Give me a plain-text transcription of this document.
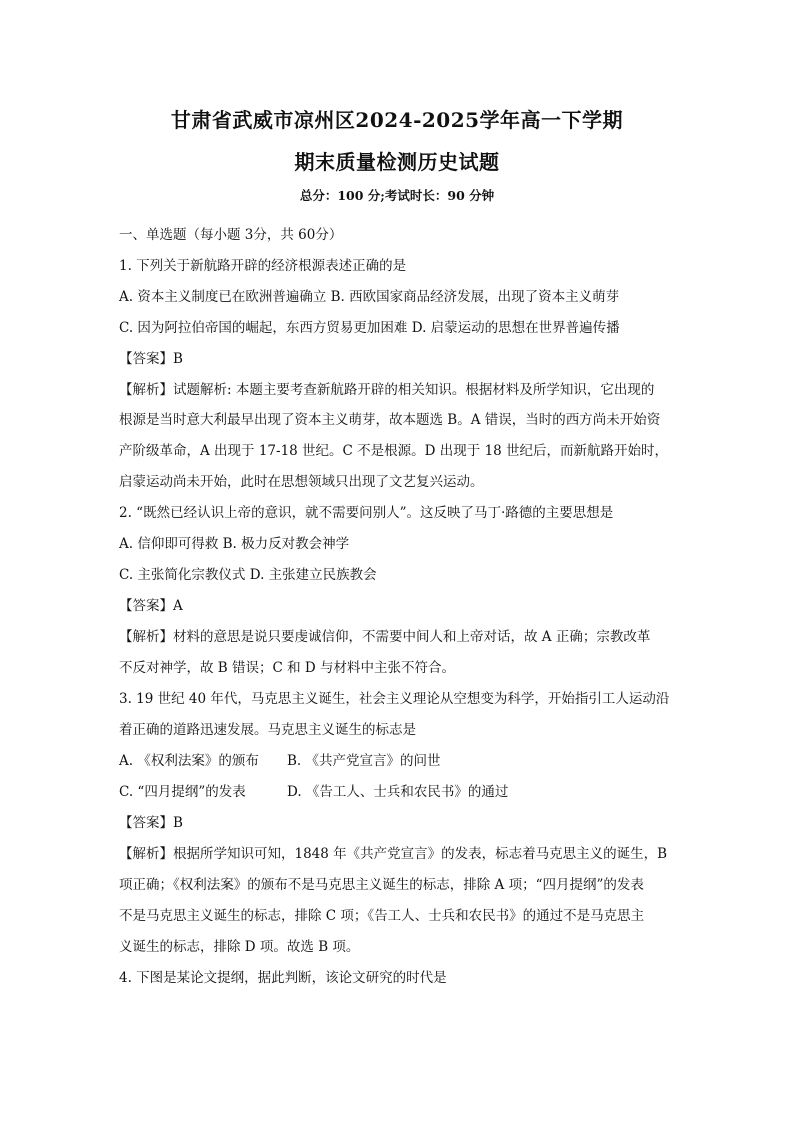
甘肃省武威市凉州区2024-2025学年高一下学期
期末质量检测历史试题
总分：100 分;考试时长：90 分钟
一、单选题（每小题 3分，共 60分）
1. 下列关于新航路开辟的经济根源表述正确的是
A. 资本主义制度已在欧洲普遍确立 B. 西欧国家商品经济发展，出现了资本主义萌芽
C. 因为阿拉伯帝国的崛起，东西方贸易更加困难 D. 启蒙运动的思想在世界普遍传播
【答案】B
【解析】试题解析: 本题主要考查新航路开辟的相关知识。根据材料及所学知识，它出现的
根源是当时意大利最早出现了资本主义萌芽，故本题选 B。A 错误，当时的西方尚未开始资
产阶级革命，A 出现于 17-18 世纪。C 不是根源。D 出现于 18 世纪后，而新航路开始时，
启蒙运动尚未开始，此时在思想领域只出现了文艺复兴运动。
2. “既然已经认识上帝的意识，就不需要问别人”。这反映了马丁·路德的主要思想是
A. 信仰即可得救 B. 极力反对教会神学
C. 主张简化宗教仪式 D. 主张建立民族教会
【答案】A
【解析】材料的意思是说只要虔诚信仰，不需要中间人和上帝对话，故 A 正确；宗教改革
不反对神学，故 B 错误；C 和 D 与材料中主张不符合。
3. 19 世纪 40 年代，马克思主义诞生，社会主义理论从空想变为科学，开始指引工人运动沿
着正确的道路迅速发展。马克思主义诞生的标志是
A. 《权利法案》的颁布	B. 《共产党宣言》的问世
C. “四月提纲”的发表	D. 《告工人、士兵和农民书》的通过
【答案】B
【解析】根据所学知识可知，1848 年《共产党宣言》的发表，标志着马克思主义的诞生，B
项正确；《权利法案》的颁布不是马克思主义诞生的标志，排除 A 项；“四月提纲”的发表
不是马克思主义诞生的标志，排除 C 项；《告工人、士兵和农民书》的通过不是马克思主
义诞生的标志，排除 D 项。故选 B 项。
4. 下图是某论文提纲，据此判断，该论文研究的时代是
